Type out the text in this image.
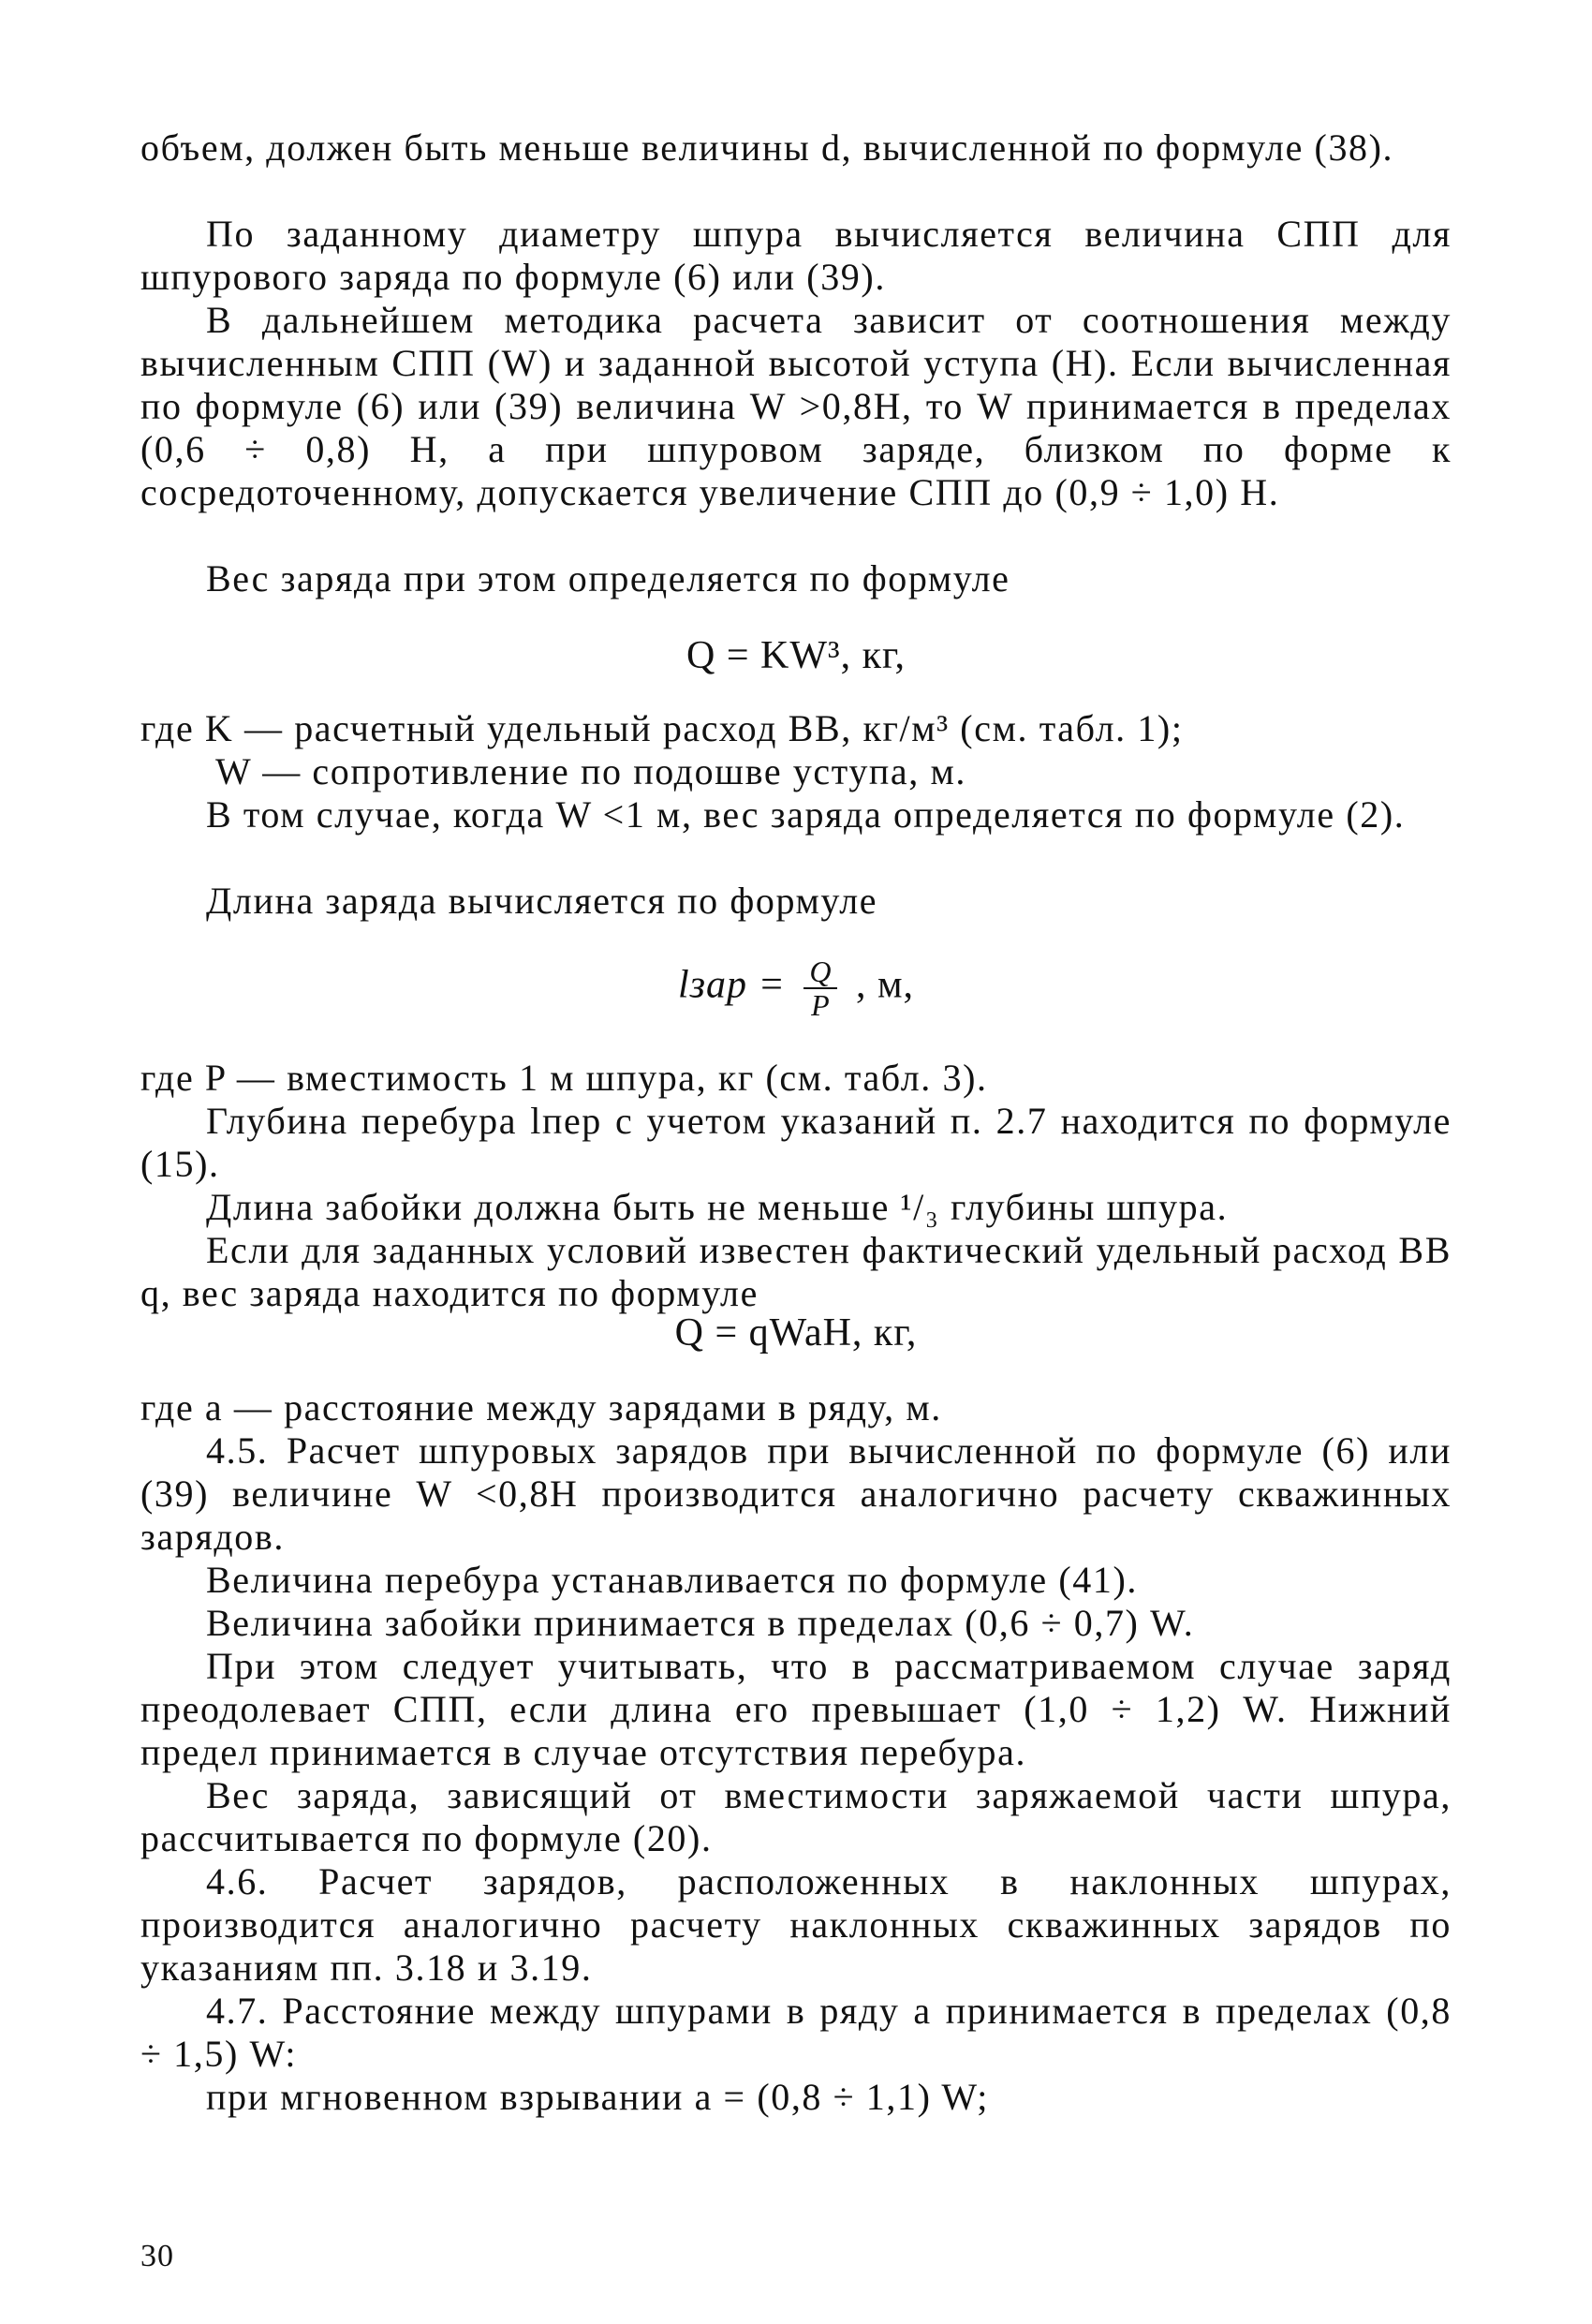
объем, должен быть меньше величины d, вычисленной по формуле (38).

По заданному диаметру шпура вычисляется величина СПП для шпурового заряда по формуле (6) или (39).

В дальнейшем методика расчета зависит от соотношения между вычисленным СПП (W) и заданной высотой уступа (H). Если вычисленная по формуле (6) или (39) величина W >0,8H, то W принимается в пределах (0,6 ÷ 0,8) H, а при шпуровом заряде, близком по форме к сосредоточенному, допускается увеличение СПП до (0,9 ÷ 1,0) H.

Вес заряда при этом определяется по формуле

Q = KW³, кг,

где K — расчетный удельный расход ВВ, кг/м³ (см. табл. 1);

W — сопротивление по подошве уступа, м.

В том случае, когда W <1 м, вес заряда определяется по формуле (2).

Длина заряда вычисляется по формуле

lзар = $\frac{Q}{P}$ , м,

где P — вместимость 1 м шпура, кг (см. табл. 3).

Глубина перебура lпер с учетом указаний п. 2.7 находится по формуле (15).

Длина забойки должна быть не меньше ¹/₃ глубины шпура.

Если для заданных условий известен фактический удельный расход ВВ q, вес заряда находится по формуле

Q = qWaH, кг,

где a — расстояние между зарядами в ряду, м.

4.5. Расчет шпуровых зарядов при вычисленной по формуле (6) или (39) величине W <0,8H производится аналогично расчету скважинных зарядов.

Величина перебура устанавливается по формуле (41).

Величина забойки принимается в пределах (0,6 ÷ 0,7) W.

При этом следует учитывать, что в рассматриваемом случае заряд преодолевает СПП, если длина его превышает (1,0 ÷ 1,2) W. Нижний предел принимается в случае отсутствия перебура.

Вес заряда, зависящий от вместимости заряжаемой части шпура, рассчитывается по формуле (20).

4.6. Расчет зарядов, расположенных в наклонных шпурах, производится аналогично расчету наклонных скважинных зарядов по указаниям пп. 3.18 и 3.19.

4.7. Расстояние между шпурами в ряду a принимается в пределах (0,8 ÷ 1,5) W:

при мгновенном взрывании a = (0,8 ÷ 1,1) W;

30
